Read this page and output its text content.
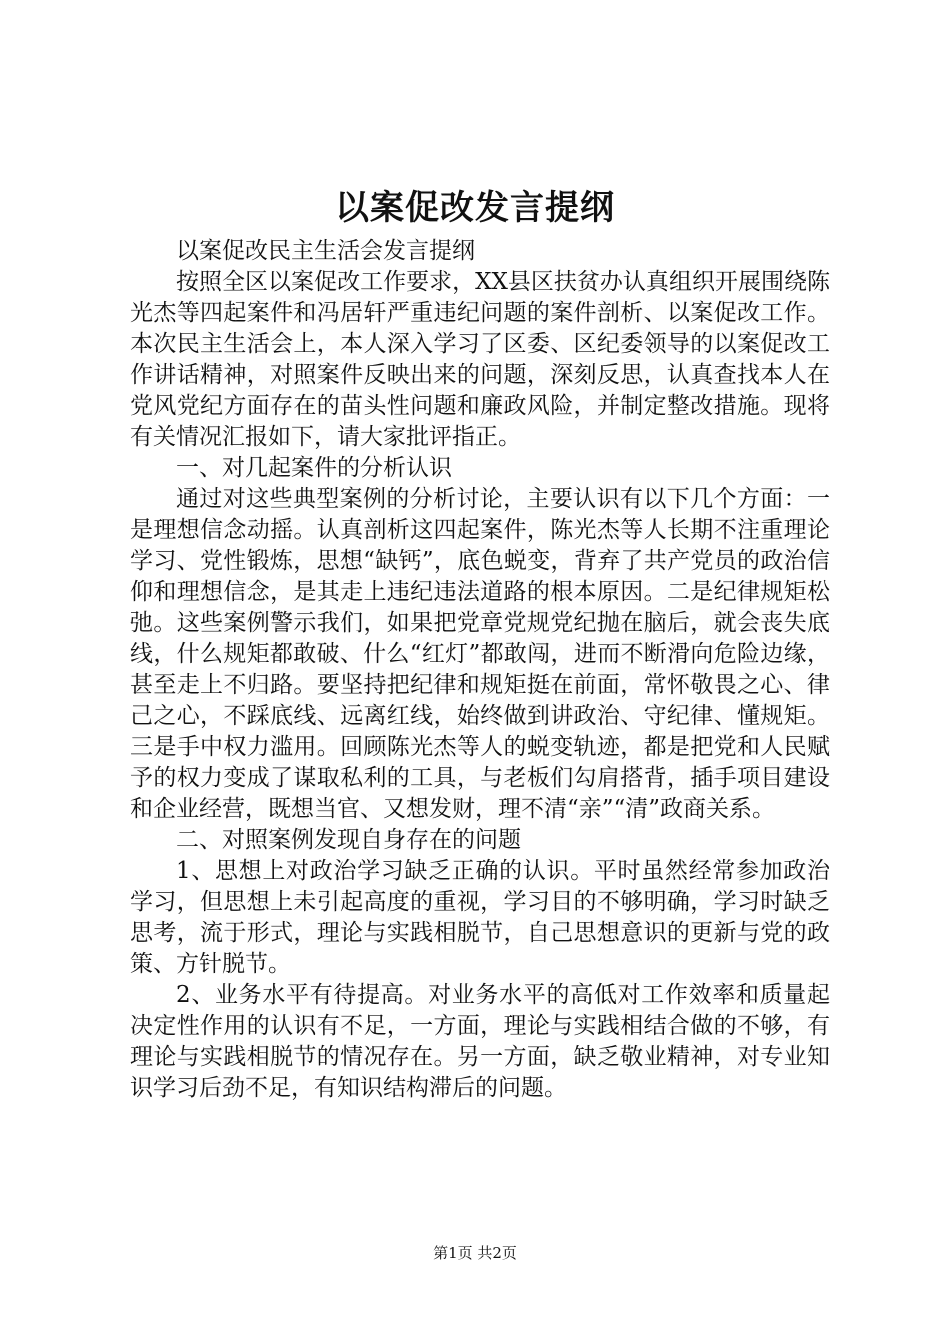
以案促改发言提纲

以案促改民主生活会发言提纲

按照全区以案促改工作要求，XX县区扶贫办认真组织开展围绕陈光杰等四起案件和冯居轩严重违纪问题的案件剖析、以案促改工作。本次民主生活会上，本人深入学习了区委、区纪委领导的以案促改工作讲话精神，对照案件反映出来的问题，深刻反思，认真查找本人在党风党纪方面存在的苗头性问题和廉政风险，并制定整改措施。现将有关情况汇报如下，请大家批评指正。

一、对几起案件的分析认识

通过对这些典型案例的分析讨论，主要认识有以下几个方面：一是理想信念动摇。认真剖析这四起案件，陈光杰等人长期不注重理论学习、党性锻炼，思想“缺钙”，底色蜕变，背弃了共产党员的政治信仰和理想信念，是其走上违纪违法道路的根本原因。二是纪律规矩松弛。这些案例警示我们，如果把党章党规党纪抛在脑后，就会丧失底线，什么规矩都敢破、什么“红灯”都敢闯，进而不断滑向危险边缘，甚至走上不归路。要坚持把纪律和规矩挺在前面，常怀敬畏之心、律己之心，不踩底线、远离红线，始终做到讲政治、守纪律、懂规矩。三是手中权力滥用。回顾陈光杰等人的蜕变轨迹，都是把党和人民赋予的权力变成了谋取私利的工具，与老板们勾肩搭背，插手项目建设和企业经营，既想当官、又想发财，理不清“亲”“清”政商关系。

二、对照案例发现自身存在的问题

1、思想上对政治学习缺乏正确的认识。平时虽然经常参加政治学习，但思想上未引起高度的重视，学习目的不够明确，学习时缺乏思考，流于形式，理论与实践相脱节，自己思想意识的更新与党的政策、方针脱节。

2、业务水平有待提高。对业务水平的高低对工作效率和质量起决定性作用的认识有不足，一方面，理论与实践相结合做的不够，有理论与实践相脱节的情况存在。另一方面，缺乏敬业精神，对专业知识学习后劲不足，有知识结构滞后的问题。

第1页 共2页
